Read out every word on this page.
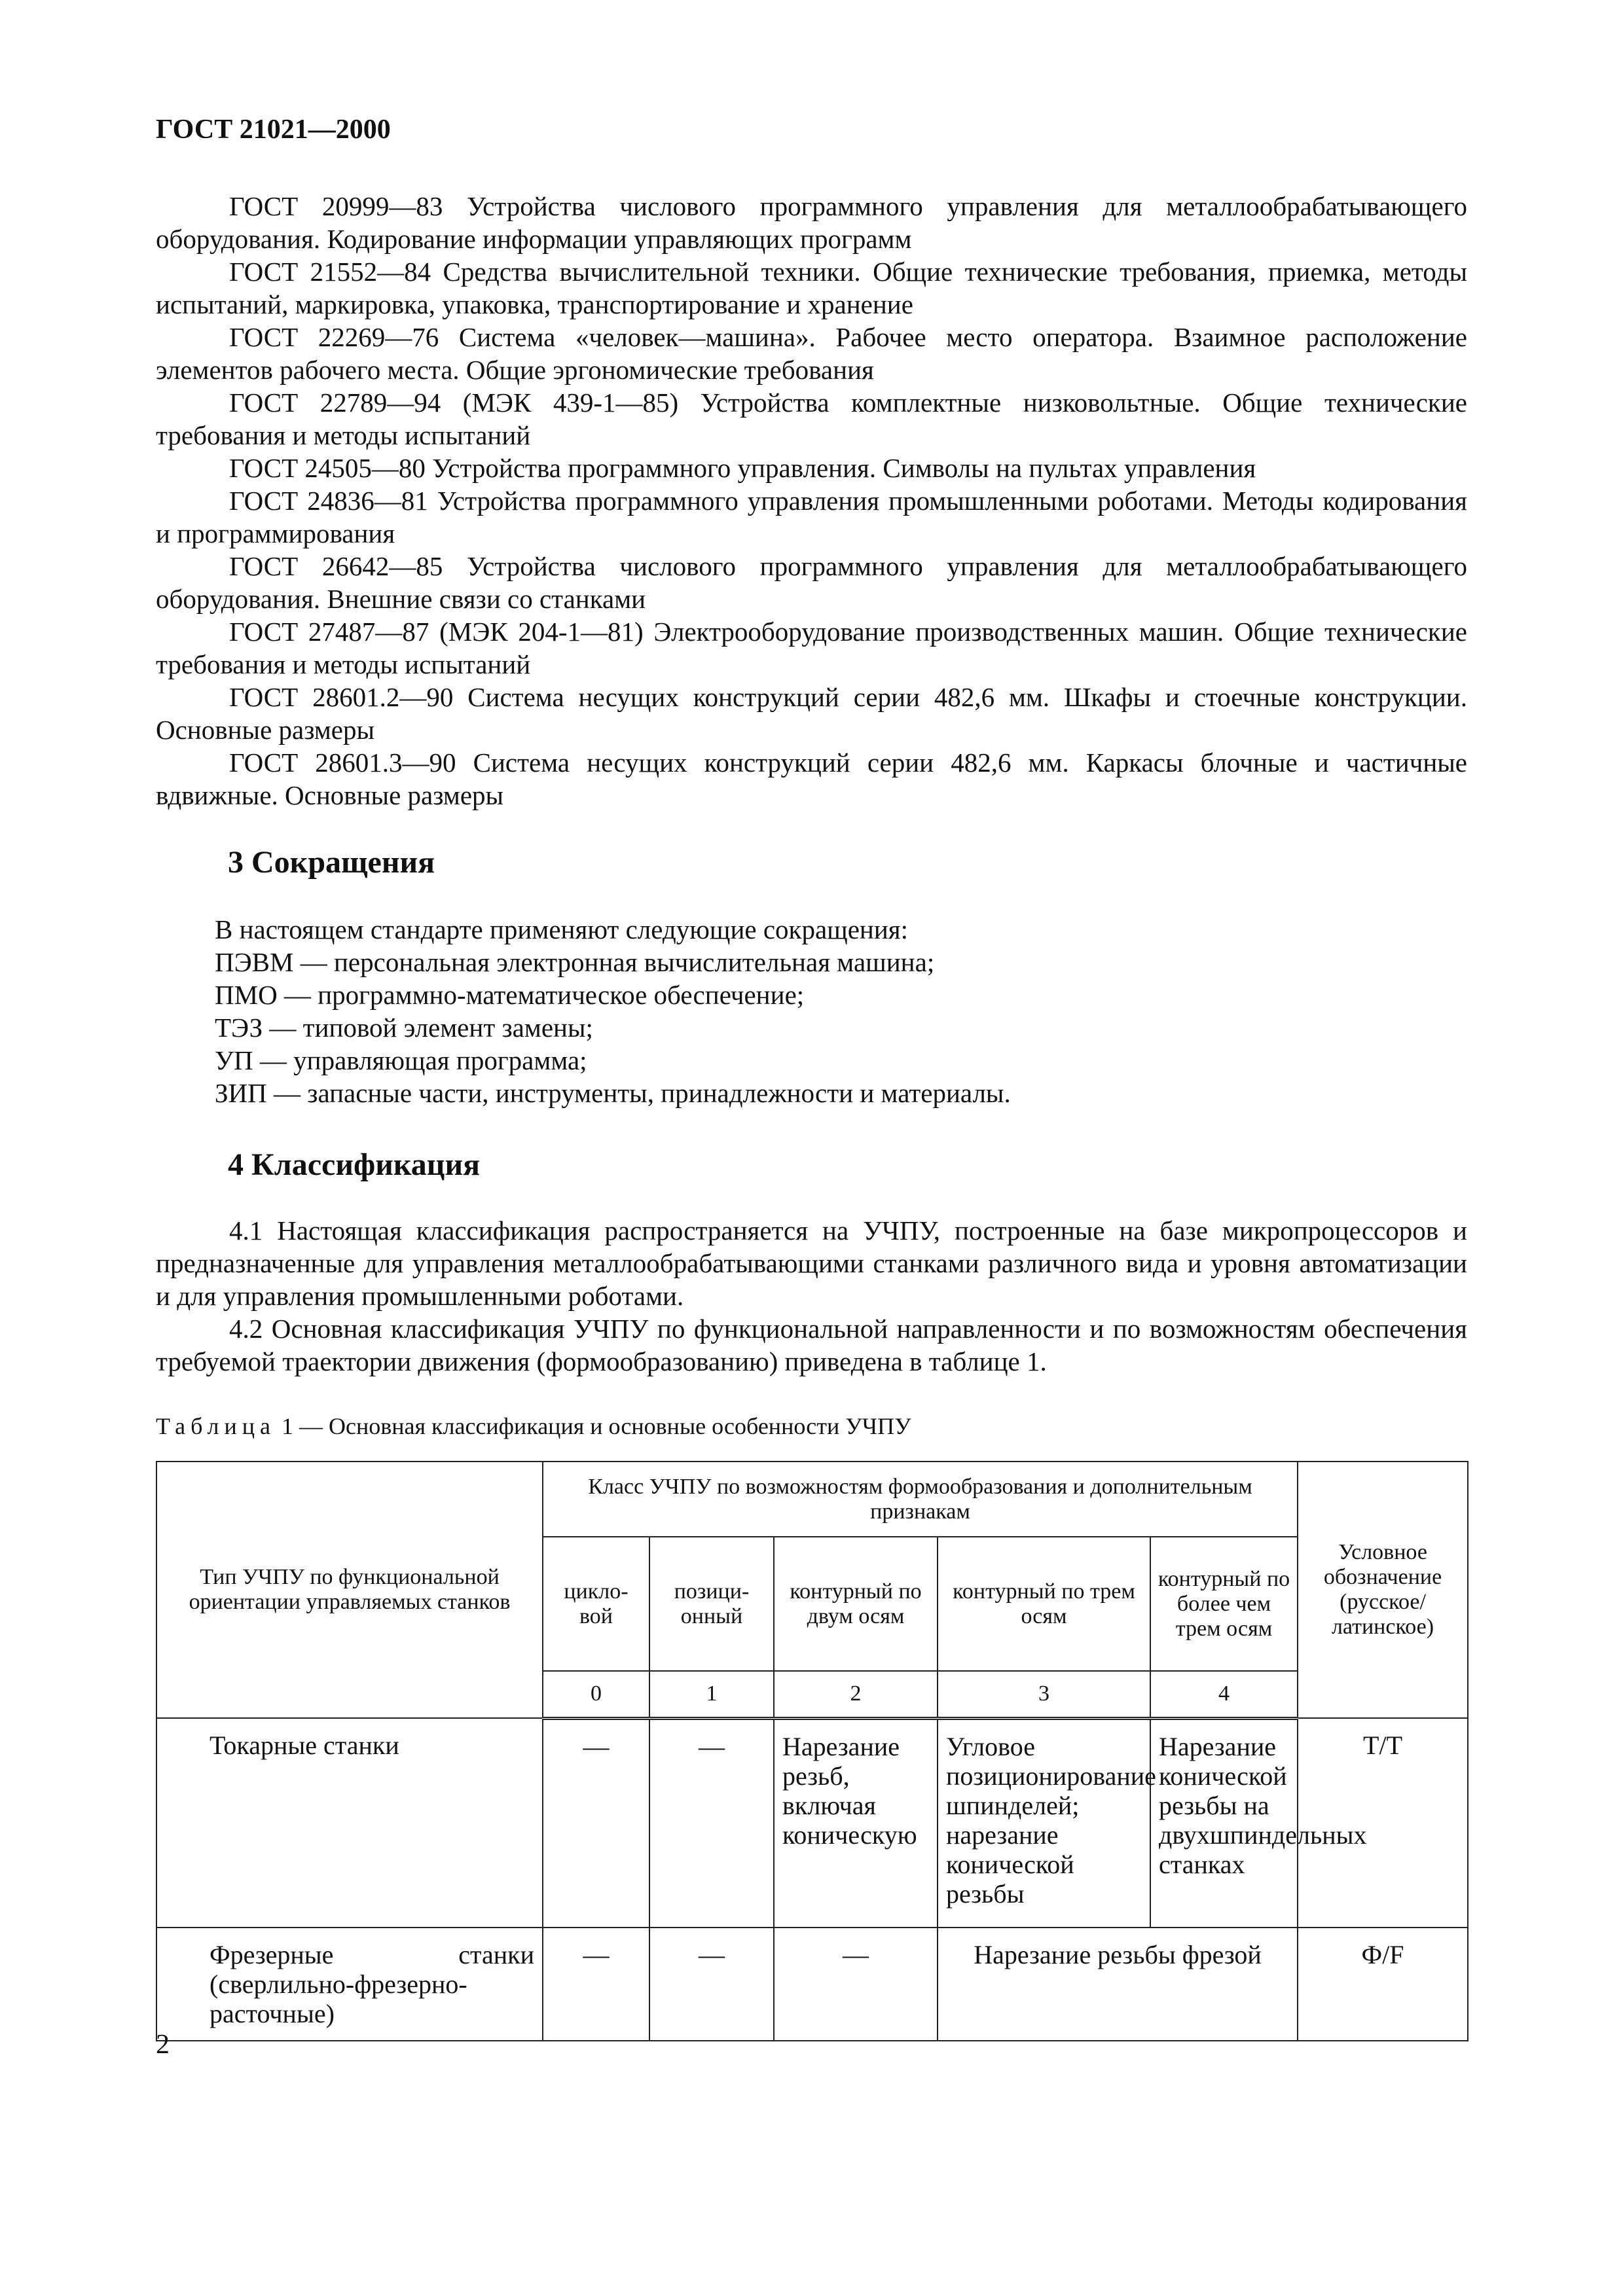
ГОСТ 21021—2000

ГОСТ 20999—83 Устройства числового программного управления для металлообрабатывающего оборудования. Кодирование информации управляющих программ

ГОСТ 21552—84 Средства вычислительной техники. Общие технические требования, приемка, методы испытаний, маркировка, упаковка, транспортирование и хранение

ГОСТ 22269—76 Система «человек—машина». Рабочее место оператора. Взаимное расположение элементов рабочего места. Общие эргономические требования

ГОСТ 22789—94 (МЭК 439-1—85) Устройства комплектные низковольтные. Общие технические требования и методы испытаний

ГОСТ 24505—80 Устройства программного управления. Символы на пультах управления

ГОСТ 24836—81 Устройства программного управления промышленными роботами. Методы кодирования и программирования

ГОСТ 26642—85 Устройства числового программного управления для металлообрабатывающего оборудования. Внешние связи со станками

ГОСТ 27487—87 (МЭК 204-1—81) Электрооборудование производственных машин. Общие технические требования и методы испытаний

ГОСТ 28601.2—90 Система несущих конструкций серии 482,6 мм. Шкафы и стоечные конструкции. Основные размеры

ГОСТ 28601.3—90 Система несущих конструкций серии 482,6 мм. Каркасы блочные и частичные вдвижные. Основные размеры

3 Сокращения

В настоящем стандарте применяют следующие сокращения:

ПЭВМ — персональная электронная вычислительная машина;

ПМО — программно-математическое обеспечение;

ТЭЗ — типовой элемент замены;

УП — управляющая программа;

ЗИП — запасные части, инструменты, принадлежности и материалы.

4 Классификация

4.1 Настоящая классификация распространяется на УЧПУ, построенные на базе микропроцессоров и предназначенные для управления металлообрабатывающими станками различного вида и уровня автоматизации и для управления промышленными роботами.

4.2 Основная классификация УЧПУ по функциональной направленности и по возможностям обеспечения требуемой траектории движения (формообразованию) приведена в таблице 1.

Таблица 1 — Основная классификация и основные особенности УЧПУ

Тип УЧПУ по функциональной ориентации управляемых станков	Класс УЧПУ по возможностям формообразования и дополнительным признакам					Условное обозначение (русское/ латинское)
	цикло- вой	позици- онный	контурный по двум осям	контурный по трем осям	контурный по более чем трем осям	
	0	1	2	3	4	
Токарные станки	—	—	Нарезание резьб, включая коническую	Угловое позиционирование шпинделей; нарезание конической резьбы	Нарезание конической резьбы на двухшпиндельных станках	Т/T
Фрезерные станки (сверлильно-фрезерно-расточные)	—	—	—	Нарезание резьбы фрезой		Ф/F

2
